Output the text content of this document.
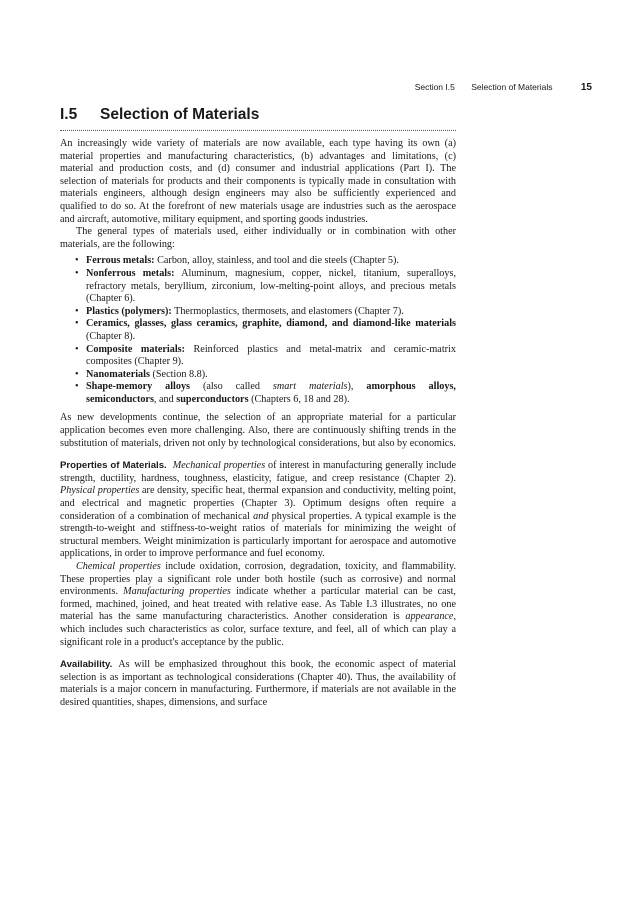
Section I.5 Selection of Materials	15
I.5 Selection of Materials

An increasingly wide variety of materials are now available, each type having its own (a) material properties and manufacturing characteristics, (b) advantages and limitations, (c) material and production costs, and (d) consumer and industrial applications (Part I). The selection of materials for products and their components is typically made in consultation with materials engineers, although design engineers may also be sufficiently experienced and qualified to do so. At the forefront of new materials usage are industries such as the aerospace and aircraft, automotive, military equipment, and sporting goods industries.

The general types of materials used, either individually or in combination with other materials, are the following:

• Ferrous metals: Carbon, alloy, stainless, and tool and die steels (Chapter 5).
• Nonferrous metals: Aluminum, magnesium, copper, nickel, titanium, superalloys, refractory metals, beryllium, zirconium, low-melting-point alloys, and precious metals (Chapter 6).
• Plastics (polymers): Thermoplastics, thermosets, and elastomers (Chapter 7).
• Ceramics, glasses, glass ceramics, graphite, diamond, and diamond-like materials (Chapter 8).
• Composite materials: Reinforced plastics and metal-matrix and ceramic-matrix composites (Chapter 9).
• Nanomaterials (Section 8.8).
• Shape-memory alloys (also called smart materials), amorphous alloys, semiconductors, and superconductors (Chapters 6, 18 and 28).

As new developments continue, the selection of an appropriate material for a particular application becomes even more challenging. Also, there are continuously shifting trends in the substitution of materials, driven not only by technological considerations, but also by economics.

Properties of Materials. Mechanical properties of interest in manufacturing generally include strength, ductility, hardness, toughness, elasticity, fatigue, and creep resistance (Chapter 2). Physical properties are density, specific heat, thermal expansion and conductivity, melting point, and electrical and magnetic properties (Chapter 3). Optimum designs often require a consideration of a combination of mechanical and physical properties. A typical example is the strength-to-weight and stiffness-to-weight ratios of materials for minimizing the weight of structural members. Weight minimization is particularly important for aerospace and automotive applications, in order to improve performance and fuel economy.

Chemical properties include oxidation, corrosion, degradation, toxicity, and flammability. These properties play a significant role under both hostile (such as corrosive) and normal environments. Manufacturing properties indicate whether a particular material can be cast, formed, machined, joined, and heat treated with relative ease. As Table I.3 illustrates, no one material has the same manufacturing characteristics. Another consideration is appearance, which includes such characteristics as color, surface texture, and feel, all of which can play a significant role in a product's acceptance by the public.

Availability. As will be emphasized throughout this book, the economic aspect of material selection is as important as technological considerations (Chapter 40). Thus, the availability of materials is a major concern in manufacturing. Furthermore, if materials are not available in the desired quantities, shapes, dimensions, and surface
